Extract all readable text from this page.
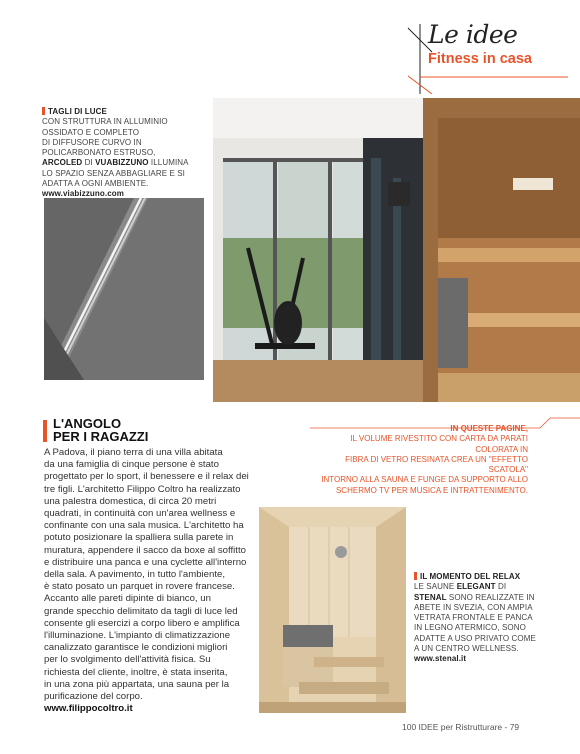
Le idee
Fitness in casa
TAGLI DI LUCE
CON STRUTTURA IN ALLUMINIO
OSSIDATO E COMPLETO
DI DIFFUSORE CURVO IN
POLICARBONATO ESTRUSO,
ARCOLED DI VUABIZZUNO ILLUMINA
LO SPAZIO SENZA ABBAGLIARE E SI
ADATTA A OGNI AMBIENTE.
www.viabizzuno.com
IN QUESTE PAGINE,
IL VOLUME RIVESTITO CON CARTA DA PARATI COLORATA IN
FIBRA DI VETRO RESINATA CREA UN "EFFETTO SCATOLA"
INTORNO ALLA SAUNA E FUNGE DA SUPPORTO ALLO
SCHERMO TV PER MUSICA E INTRATTENIMENTO.
L'ANGOLO
PER I RAGAZZI

A Padova, il piano terra di una villa abitata

da una famiglia di cinque persone è stato

progettato per lo sport, il benessere e il relax dei

tre figli. L'architetto Filippo Coltro ha realizzato

una palestra domestica, di circa 20 metri

quadrati, in continuità con un'area wellness e

confinante con una sala musica. L'architetto ha

potuto posizionare la spalliera sulla parete in

muratura, appendere il sacco da boxe al soffitto

e distribuire una panca e una cyclette all'interno

della sala. A pavimento, in tutto l'ambiente,

è stato posato un parquet in rovere francese.

Accanto alle pareti dipinte di bianco, un

grande specchio delimitato da tagli di luce led

consente gli esercizi a corpo libero e amplifica

l'illuminazione. L'impianto di climatizzazione

canalizzato garantisce le condizioni migliori

per lo svolgimento dell'attività fisica. Su

richiesta del cliente, inoltre, è stata inserita,

in una zona più appartata, una sauna per la

purificazione del corpo.

www.filippocoltro.it
IL MOMENTO DEL RELAX
LE SAUNE ELEGANT DI
STENAL SONO REALIZZATE IN
ABETE IN SVEZIA, CON AMPIA
VETRATA FRONTALE E PANCA
IN LEGNO ATERMICO, SONO
ADATTE A USO PRIVATO COME
A UN CENTRO WELLNESS.
www.stenal.it
100 IDEE per Ristrutturare - 79
